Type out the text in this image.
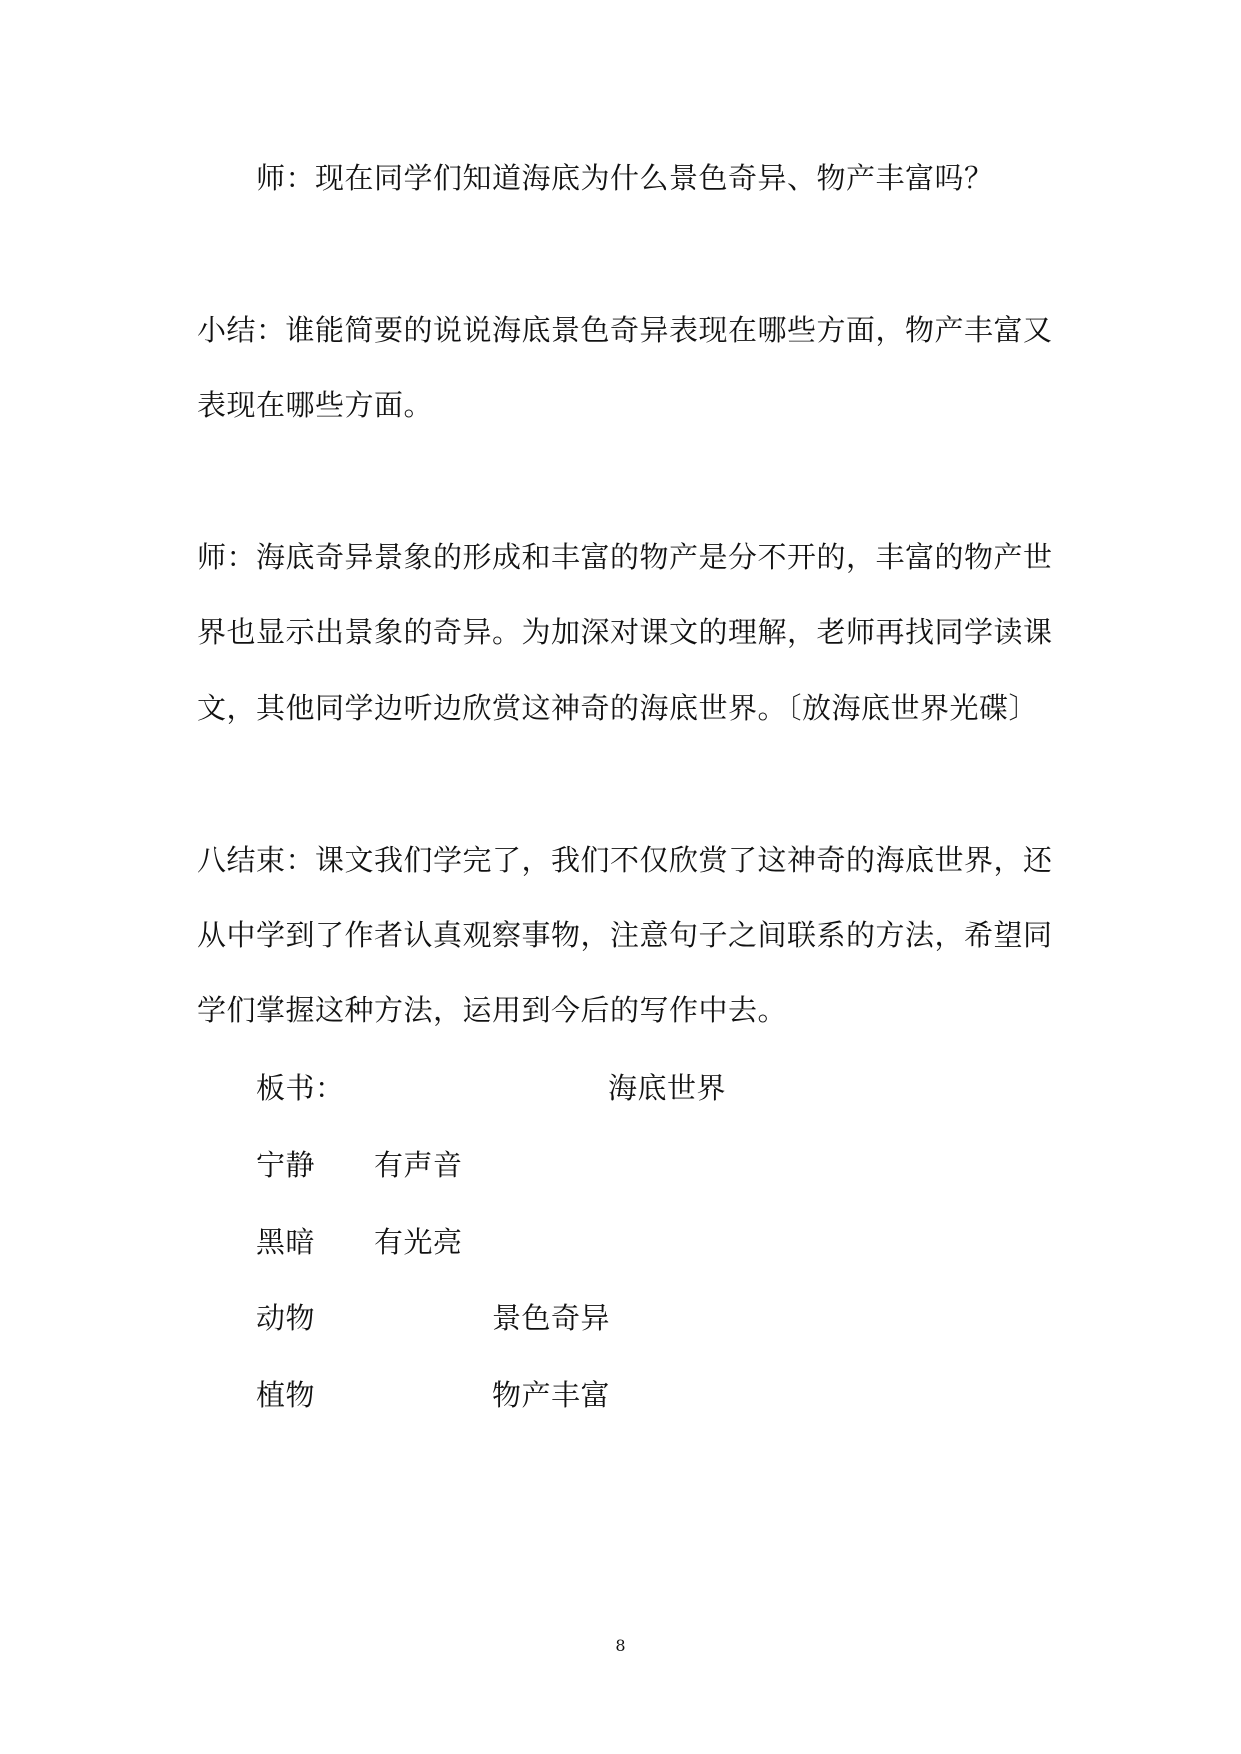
师：现在同学们知道海底为什么景色奇异、物产丰富吗？
小结：谁能简要的说说海底景色奇异表现在哪些方面，物产丰富又
表现在哪些方面。
师：海底奇异景象的形成和丰富的物产是分不开的，丰富的物产世
界也显示出景象的奇异。为加深对课文的理解，老师再找同学读课
文，其他同学边听边欣赏这神奇的海底世界。〔放海底世界光碟〕
八结束：课文我们学完了，我们不仅欣赏了这神奇的海底世界，还
从中学到了作者认真观察事物，注意句子之间联系的方法，希望同
学们掌握这种方法，运用到今后的写作中去。
板书：	海底世界
宁静 有声音
黑暗 有光亮
动物	景色奇异
植物	物产丰富
8
